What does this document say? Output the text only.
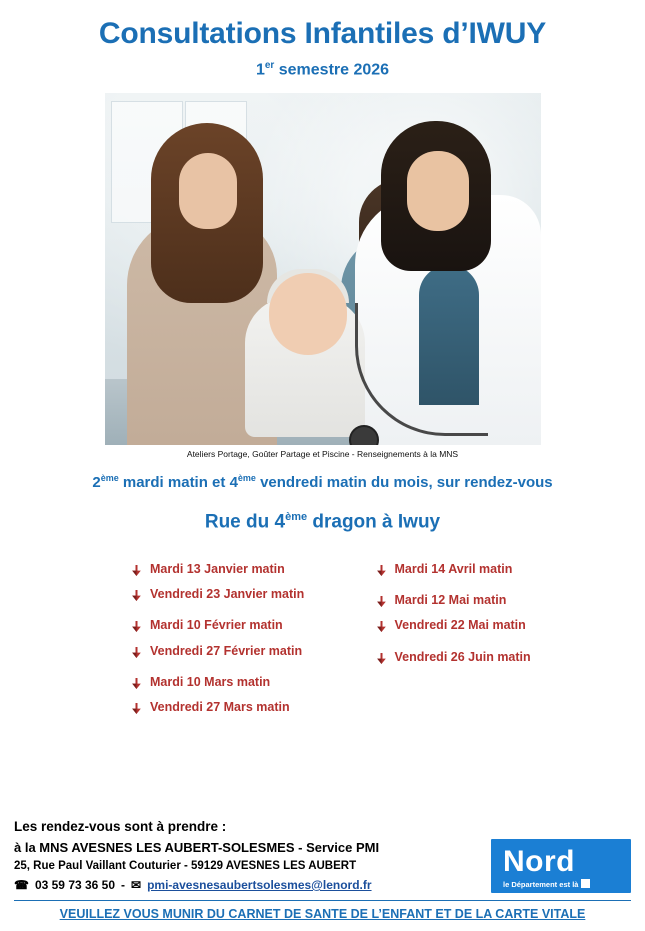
Consultations Infantiles d’IWUY
1er semestre 2026
Ateliers Portage, Goûter Partage et Piscine - Renseignements à la MNS
2ème mardi matin et 4ème vendredi matin du mois, sur rendez-vous
Rue du 4ème dragon à Iwuy
Mardi 13 Janvier matin
Vendredi 23 Janvier matin
Mardi 10 Février matin
Vendredi 27 Février matin
Mardi 10 Mars matin
Vendredi 27 Mars matin
Mardi 14 Avril matin
Mardi 12 Mai matin
Vendredi 22 Mai matin
Vendredi 26 Juin matin
Les rendez-vous sont à prendre :
à la MNS AVESNES LES AUBERT-SOLESMES - Service PMI
25, Rue Paul Vaillant Couturier - 59129 AVESNES LES AUBERT
☎ 03 59 73 36 50 - ✉ pmi-avesnesaubertsolesmes@lenord.fr
Nord
le Département est là
VEUILLEZ VOUS MUNIR DU CARNET DE SANTE DE L’ENFANT ET DE LA CARTE VITALE
